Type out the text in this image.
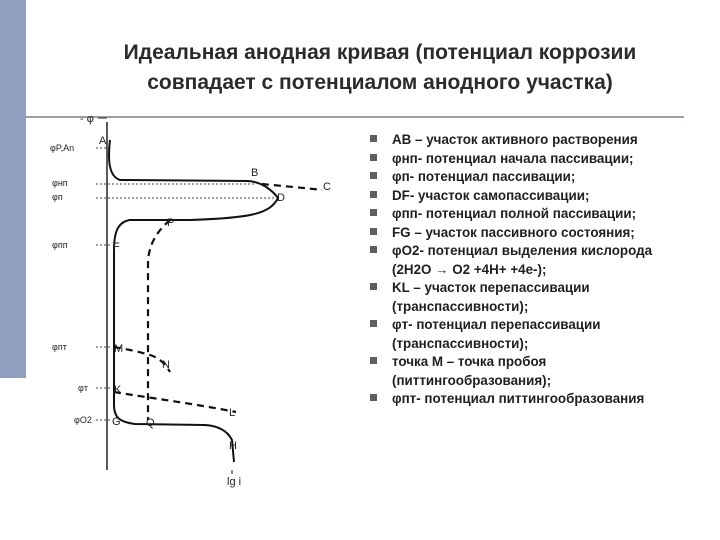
Идеальная анодная кривая (потенциал коррозии
совпадает с потенциалом анодного участка)
- φ
lg i
φP,An
φнп
φп
φпп
φпт
φт
φO2
A
B
C
D
P
F
M
N
K
L
G Q
H
AB – участок активного растворения
φнп- потенциал начала пассивации;
φп- потенциал пассивации;
DF- участок самопассивации;
φпп- потенциал полной пассивации;
FG – участок пассивного состояния;
φO2- потенциал выделения кислорода
(2H2O → O2 +4H+ +4e-);
KL – участок перепассивации
(транспассивности);
φт- потенциал перепассивации
(транспассивности);
точка М – точка пробоя
(питтингообразования);
φпт- потенциал питтингообразования
